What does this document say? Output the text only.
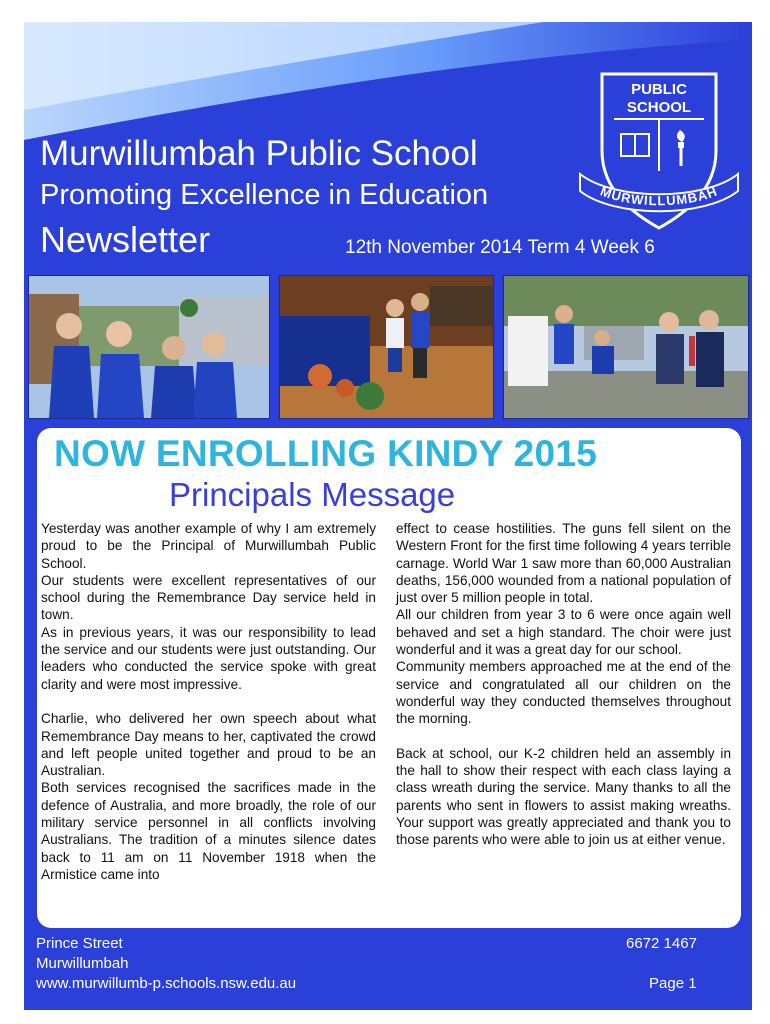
Murwillumbah Public School
Promoting Excellence in Education
Newsletter	12th November 2014 Term 4 Week 6
PUBLIC
SCHOOL
MURWILLUMBAH
NOW ENROLLING KINDY 2015
Principals Message

Yesterday was another example of why I am extremely proud to be the Principal of Murwillumbah Public School.

Our students were excellent representatives of our school during the Remembrance Day service held in town.

As in previous years, it was our responsibility to lead the service and our students were just outstanding. Our leaders who conducted the service spoke with great clarity and were most impressive.

Charlie, who delivered her own speech about what Remembrance Day means to her, captivated the crowd and left people united together and proud to be an Australian.

Both services recognised the sacrifices made in the defence of Australia, and more broadly, the role of our military service personnel in all conflicts involving Australians. The tradition of a minutes silence dates back to 11 am on 11 November 1918 when the Armistice came into

effect to cease hostilities. The guns fell silent on the Western Front for the first time following 4 years terrible carnage. World War 1 saw more than 60,000 Australian deaths, 156,000 wounded from a national population of just over 5 million people in total.

All our children from year 3 to 6 were once again well behaved and set a high standard. The choir were just wonderful and it was a great day for our school.

Community members approached me at the end of the service and congratulated all our children on the wonderful way they conducted themselves throughout the morning.

Back at school, our K-2 children held an assembly in the hall to show their respect with each class laying a class wreath during the service. Many thanks to all the parents who sent in flowers to assist making wreaths. Your support was greatly appreciated and thank you to those parents who were able to join us at either venue.

Prince Street
Murwillumbah
www.murwillumb-p.schools.nsw.edu.au
6672 1467
Page 1
